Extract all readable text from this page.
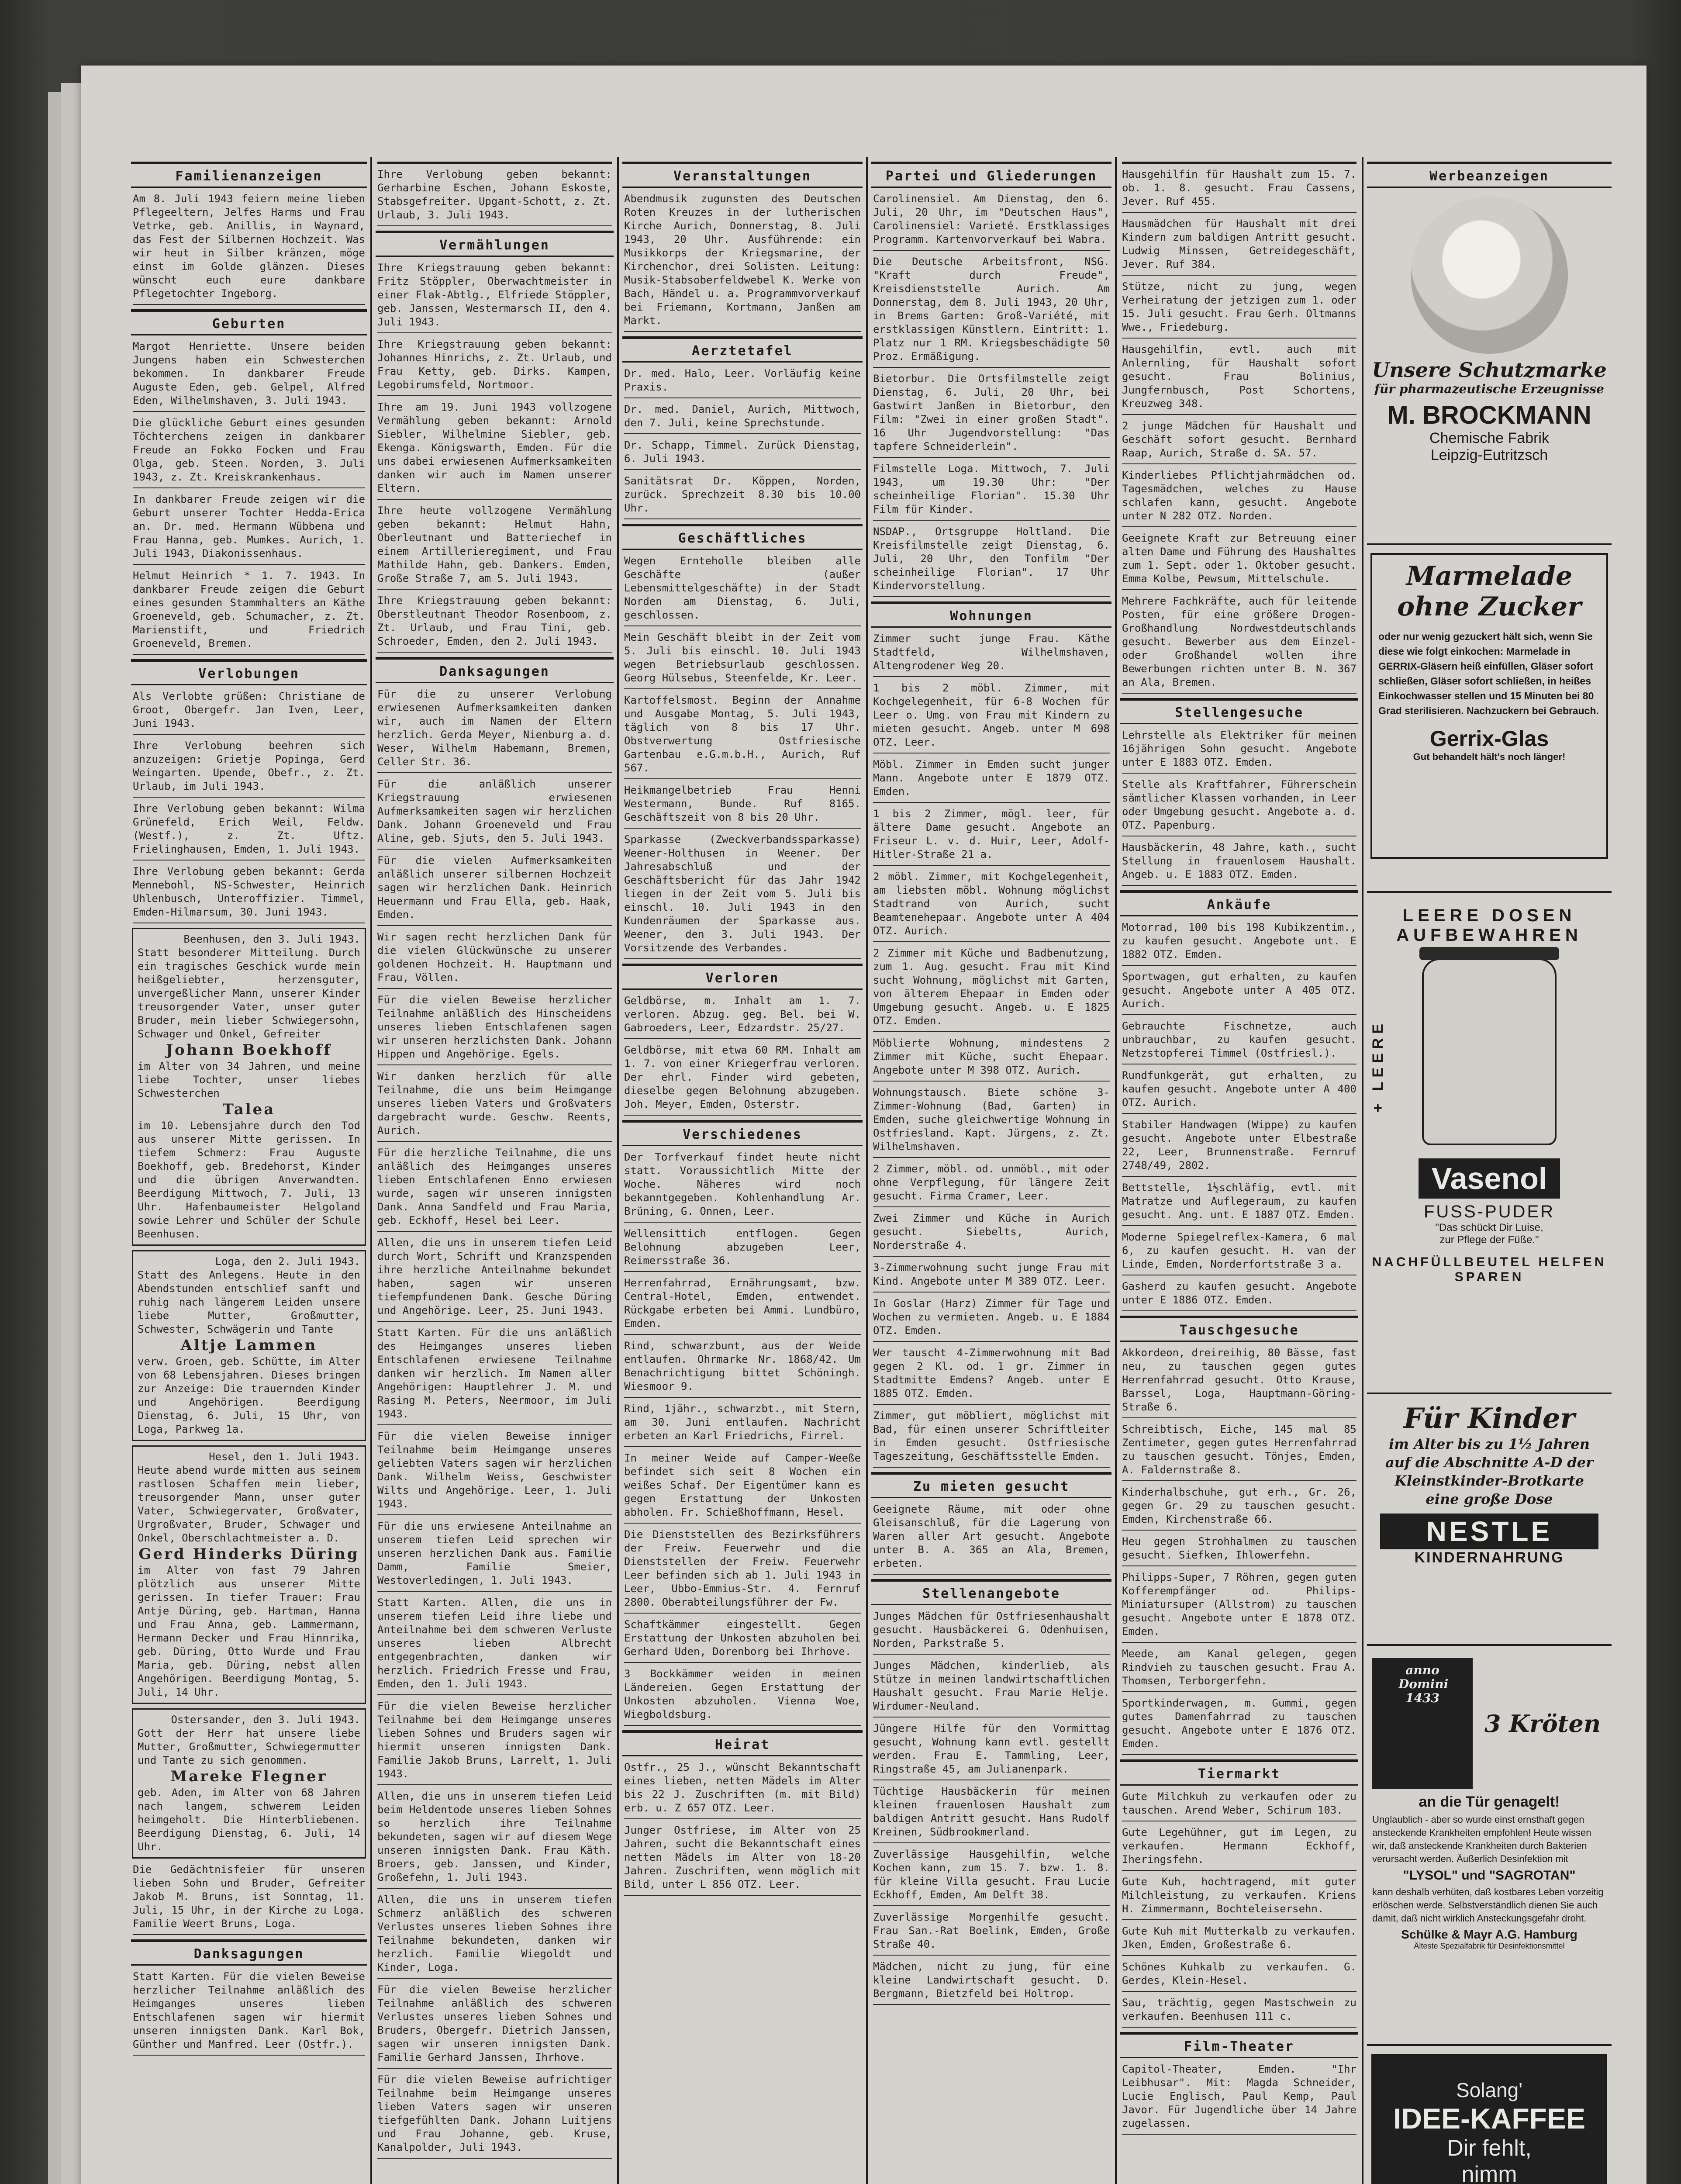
Familienanzeigen
Am 8. Juli 1943 feiern meine lieben Pflegeeltern, Jelfes Harms und Frau Vetrke, geb. Anillis, in Waynard, das Fest der Silbernen Hochzeit. Was wir heut in Silber kränzen, möge einst im Golde glänzen. Dieses wünscht euch eure dankbare Pflegetochter Ingeborg.
Geburten
Margot Henriette. Unsere beiden Jungens haben ein Schwesterchen bekommen. In dankbarer Freude Auguste Eden, geb. Gelpel, Alfred Eden, Wilhelmshaven, 3. Juli 1943.
Die glückliche Geburt eines gesunden Töchterchens zeigen in dankbarer Freude an Fokko Focken und Frau Olga, geb. Steen. Norden, 3. Juli 1943, z. Zt. Kreiskrankenhaus.
In dankbarer Freude zeigen wir die Geburt unserer Tochter Hedda-Erica an. Dr. med. Hermann Wübbena und Frau Hanna, geb. Mumkes. Aurich, 1. Juli 1943, Diakonissenhaus.
Helmut Heinrich * 1. 7. 1943. In dankbarer Freude zeigen die Geburt eines gesunden Stammhalters an Käthe Groeneveld, geb. Schumacher, z. Zt. Marienstift, und Friedrich Groeneveld, Bremen.
Verlobungen
Als Verlobte grüßen: Christiane de Groot, Obergefr. Jan Iven, Leer, Juni 1943.
Ihre Verlobung beehren sich anzuzeigen: Grietje Popinga, Gerd Weingarten. Upende, Obefr., z. Zt. Urlaub, im Juli 1943.
Ihre Verlobung geben bekannt: Wilma Grünefeld, Erich Weil, Feldw. (Westf.), z. Zt. Uftz. Frielinghausen, Emden, 1. Juli 1943.
Ihre Verlobung geben bekannt: Gerda Mennebohl, NS-Schwester, Heinrich Uhlenbusch, Unteroffizier. Timmel, Emden-Hilmarsum, 30. Juni 1943.
Beenhusen, den 3. Juli 1943.
Statt besonderer Mitteilung. Durch ein tragisches Geschick wurde mein heißgeliebter, herzensguter, unvergeßlicher Mann, unserer Kinder treusorgender Vater, unser guter Bruder, mein lieber Schwiegersohn, Schwager und Onkel, Gefreiter
Johann Boekhoff
im Alter von 34 Jahren, und meine liebe Tochter, unser liebes Schwesterchen
Talea
im 10. Lebensjahre durch den Tod aus unserer Mitte gerissen. In tiefem Schmerz: Frau Auguste Boekhoff, geb. Bredehorst, Kinder und die übrigen Anverwandten. Beerdigung Mittwoch, 7. Juli, 13 Uhr. Hafenbaumeister Helgoland sowie Lehrer und Schüler der Schule Beenhusen.
Loga, den 2. Juli 1943.
Statt des Anlegens. Heute in den Abendstunden entschlief sanft und ruhig nach längerem Leiden unsere liebe Mutter, Großmutter, Schwester, Schwägerin und Tante
Altje Lammen
verw. Groen, geb. Schütte, im Alter von 68 Lebensjahren. Dieses bringen zur Anzeige: Die trauernden Kinder und Angehörigen. Beerdigung Dienstag, 6. Juli, 15 Uhr, von Loga, Parkweg 1a.
Hesel, den 1. Juli 1943.
Heute abend wurde mitten aus seinem rastlosen Schaffen mein lieber, treusorgender Mann, unser guter Vater, Schwiegervater, Großvater, Urgroßvater, Bruder, Schwager und Onkel, Oberschlachtmeister a. D.
Gerd Hinderks Düring
im Alter von fast 79 Jahren plötzlich aus unserer Mitte gerissen. In tiefer Trauer: Frau Antje Düring, geb. Hartman, Hanna und Frau Anna, geb. Lammermann, Hermann Decker und Frau Hinnrika, geb. Düring, Otto Wurde und Frau Maria, geb. Düring, nebst allen Angehörigen. Beerdigung Montag, 5. Juli, 14 Uhr.
Ostersander, den 3. Juli 1943.
Gott der Herr hat unsere liebe Mutter, Großmutter, Schwiegermutter und Tante zu sich genommen.
Mareke Flegner
geb. Aden, im Alter von 68 Jahren nach langem, schwerem Leiden heimgeholt. Die Hinterbliebenen. Beerdigung Dienstag, 6. Juli, 14 Uhr.
Die Gedächtnisfeier für unseren lieben Sohn und Bruder, Gefreiter Jakob M. Bruns, ist Sonntag, 11. Juli, 15 Uhr, in der Kirche zu Loga. Familie Weert Bruns, Loga.
Danksagungen
Statt Karten. Für die vielen Beweise herzlicher Teilnahme anläßlich des Heimganges unseres lieben Entschlafenen sagen wir hiermit unseren innigsten Dank. Karl Bok, Günther und Manfred. Leer (Ostfr.).
Ihre Verlobung geben bekannt: Gerharbine Eschen, Johann Eskoste, Stabsgefreiter. Upgant-Schott, z. Zt. Urlaub, 3. Juli 1943.
Vermählungen
Ihre Kriegstrauung geben bekannt: Fritz Stöppler, Oberwachtmeister in einer Flak-Abtlg., Elfriede Stöppler, geb. Janssen, Westermarsch II, den 4. Juli 1943.
Ihre Kriegstrauung geben bekannt: Johannes Hinrichs, z. Zt. Urlaub, und Frau Ketty, geb. Dirks. Kampen, Legobirumsfeld, Nortmoor.
Ihre am 19. Juni 1943 vollzogene Vermählung geben bekannt: Arnold Siebler, Wilhelmine Siebler, geb. Ekenga. Königswarth, Emden. Für die uns dabei erwiesenen Aufmerksamkeiten danken wir auch im Namen unserer Eltern.
Ihre heute vollzogene Vermählung geben bekannt: Helmut Hahn, Oberleutnant und Batteriechef in einem Artillerieregiment, und Frau Mathilde Hahn, geb. Dankers. Emden, Große Straße 7, am 5. Juli 1943.
Ihre Kriegstrauung geben bekannt: Oberstleutnant Theodor Rosenboom, z. Zt. Urlaub, und Frau Tini, geb. Schroeder, Emden, den 2. Juli 1943.
Danksagungen
Für die zu unserer Verlobung erwiesenen Aufmerksamkeiten danken wir, auch im Namen der Eltern herzlich. Gerda Meyer, Nienburg a. d. Weser, Wilhelm Habemann, Bremen, Celler Str. 36.
Für die anläßlich unserer Kriegstrauung erwiesenen Aufmerksamkeiten sagen wir herzlichen Dank. Johann Groeneveld und Frau Aline, geb. Sjuts, den 5. Juli 1943.
Für die vielen Aufmerksamkeiten anläßlich unserer silbernen Hochzeit sagen wir herzlichen Dank. Heinrich Heuermann und Frau Ella, geb. Haak, Emden.
Wir sagen recht herzlichen Dank für die vielen Glückwünsche zu unserer goldenen Hochzeit. H. Hauptmann und Frau, Völlen.
Für die vielen Beweise herzlicher Teilnahme anläßlich des Hinscheidens unseres lieben Entschlafenen sagen wir unseren herzlichsten Dank. Johann Hippen und Angehörige. Egels.
Wir danken herzlich für alle Teilnahme, die uns beim Heimgange unseres lieben Vaters und Großvaters dargebracht wurde. Geschw. Reents, Aurich.
Für die herzliche Teilnahme, die uns anläßlich des Heimganges unseres lieben Entschlafenen Enno erwiesen wurde, sagen wir unseren innigsten Dank. Anna Sandfeld und Frau Maria, geb. Eckhoff, Hesel bei Leer.
Allen, die uns in unserem tiefen Leid durch Wort, Schrift und Kranzspenden ihre herzliche Anteilnahme bekundet haben, sagen wir unseren tiefempfundenen Dank. Gesche Düring und Angehörige. Leer, 25. Juni 1943.
Statt Karten. Für die uns anläßlich des Heimganges unseres lieben Entschlafenen erwiesene Teilnahme danken wir herzlich. Im Namen aller Angehörigen: Hauptlehrer J. M. und Rasing M. Peters, Neermoor, im Juli 1943.
Für die vielen Beweise inniger Teilnahme beim Heimgange unseres geliebten Vaters sagen wir herzlichen Dank. Wilhelm Weiss, Geschwister Wilts und Angehörige. Leer, 1. Juli 1943.
Für die uns erwiesene Anteilnahme an unserem tiefen Leid sprechen wir unseren herzlichen Dank aus. Familie Damm, Familie Smeier, Westoverledingen, 1. Juli 1943.
Statt Karten. Allen, die uns in unserem tiefen Leid ihre liebe und Anteilnahme bei dem schweren Verluste unseres lieben Albrecht entgegenbrachten, danken wir herzlich. Friedrich Fresse und Frau, Emden, den 1. Juli 1943.
Für die vielen Beweise herzlicher Teilnahme bei dem Heimgange unseres lieben Sohnes und Bruders sagen wir hiermit unseren innigsten Dank. Familie Jakob Bruns, Larrelt, 1. Juli 1943.
Allen, die uns in unserem tiefen Leid beim Heldentode unseres lieben Sohnes so herzlich ihre Teilnahme bekundeten, sagen wir auf diesem Wege unseren innigsten Dank. Frau Käth. Broers, geb. Janssen, und Kinder, Großefehn, 1. Juli 1943.
Allen, die uns in unserem tiefen Schmerz anläßlich des schweren Verlustes unseres lieben Sohnes ihre Teilnahme bekundeten, danken wir herzlich. Familie Wiegoldt und Kinder, Loga.
Für die vielen Beweise herzlicher Teilnahme anläßlich des schweren Verlustes unseres lieben Sohnes und Bruders, Obergefr. Dietrich Janssen, sagen wir unseren innigsten Dank. Familie Gerhard Janssen, Ihrhove.
Für die vielen Beweise aufrichtiger Teilnahme beim Heimgange unseres lieben Vaters sagen wir unseren tiefgefühlten Dank. Johann Luitjens und Frau Johanne, geb. Kruse, Kanalpolder, Juli 1943.
Veranstaltungen
Abendmusik zugunsten des Deutschen Roten Kreuzes in der lutherischen Kirche Aurich, Donnerstag, 8. Juli 1943, 20 Uhr. Ausführende: ein Musikkorps der Kriegsmarine, der Kirchenchor, drei Solisten. Leitung: Musik-Stabsoberfeldwebel K. Werke von Bach, Händel u. a. Programmvorverkauf bei Friemann, Kortmann, Janßen am Markt.
Aerztetafel
Dr. med. Halo, Leer. Vorläufig keine Praxis.
Dr. med. Daniel, Aurich, Mittwoch, den 7. Juli, keine Sprechstunde.
Dr. Schapp, Timmel. Zurück Dienstag, 6. Juli 1943.
Sanitätsrat Dr. Köppen, Norden, zurück. Sprechzeit 8.30 bis 10.00 Uhr.
Geschäftliches
Wegen Ernteholle bleiben alle Geschäfte (außer Lebensmittelgeschäfte) in der Stadt Norden am Dienstag, 6. Juli, geschlossen.
Mein Geschäft bleibt in der Zeit vom 5. Juli bis einschl. 10. Juli 1943 wegen Betriebsurlaub geschlossen. Georg Hülsebus, Steenfelde, Kr. Leer.
Kartoffelsmost. Beginn der Annahme und Ausgabe Montag, 5. Juli 1943, täglich von 8 bis 17 Uhr. Obstverwertung Ostfriesische Gartenbau e.G.m.b.H., Aurich, Ruf 567.
Heikmangelbetrieb Frau Henni Westermann, Bunde. Ruf 8165. Geschäftszeit von 8 bis 20 Uhr.
Sparkasse (Zweckverbandssparkasse) Weener-Holthusen in Weener. Der Jahresabschluß und der Geschäftsbericht für das Jahr 1942 liegen in der Zeit vom 5. Juli bis einschl. 10. Juli 1943 in den Kundenräumen der Sparkasse aus. Weener, den 3. Juli 1943. Der Vorsitzende des Verbandes.
Verloren
Geldbörse, m. Inhalt am 1. 7. verloren. Abzug. geg. Bel. bei W. Gabroeders, Leer, Edzardstr. 25/27.
Geldbörse, mit etwa 60 RM. Inhalt am 1. 7. von einer Kriegerfrau verloren. Der ehrl. Finder wird gebeten, dieselbe gegen Belohnung abzugeben. Joh. Meyer, Emden, Osterstr.
Verschiedenes
Der Torfverkauf findet heute nicht statt. Voraussichtlich Mitte der Woche. Näheres wird noch bekanntgegeben. Kohlenhandlung Ar. Brüning, G. Onnen, Leer.
Wellensittich entflogen. Gegen Belohnung abzugeben Leer, Reimersstraße 36.
Herrenfahrrad, Ernährungsamt, bzw. Central-Hotel, Emden, entwendet. Rückgabe erbeten bei Ammi. Lundbüro, Emden.
Rind, schwarzbunt, aus der Weide entlaufen. Ohrmarke Nr. 1868/42. Um Benachrichtigung bittet Schöningh. Wiesmoor 9.
Rind, 1jähr., schwarzbt., mit Stern, am 30. Juni entlaufen. Nachricht erbeten an Karl Friedrichs, Firrel.
In meiner Weide auf Camper-Weeße befindet sich seit 8 Wochen ein weißes Schaf. Der Eigentümer kann es gegen Erstattung der Unkosten abholen. Fr. Schießhoffmann, Hesel.
Die Dienststellen des Bezirksführers der Freiw. Feuerwehr und die Dienststellen der Freiw. Feuerwehr Leer befinden sich ab 1. Juli 1943 in Leer, Ubbo-Emmius-Str. 4. Fernruf 2800. Oberabteilungsführer der Fw.
Schaftkämmer eingestellt. Gegen Erstattung der Unkosten abzuholen bei Gerhard Uden, Dorenborg bei Ihrhove.
3 Bockkämmer weiden in meinen Ländereien. Gegen Erstattung der Unkosten abzuholen. Vienna Woe, Wiegboldsburg.
Heirat
Ostfr., 25 J., wünscht Bekanntschaft eines lieben, netten Mädels im Alter bis 22 J. Zuschriften (m. mit Bild) erb. u. Z 657 OTZ. Leer.
Junger Ostfriese, im Alter von 25 Jahren, sucht die Bekanntschaft eines netten Mädels im Alter von 18-20 Jahren. Zuschriften, wenn möglich mit Bild, unter L 856 OTZ. Leer.
Partei und Gliederungen
Carolinensiel. Am Dienstag, den 6. Juli, 20 Uhr, im "Deutschen Haus", Carolinensiel: Varieté. Erstklassiges Programm. Kartenvorverkauf bei Wabra.
Die Deutsche Arbeitsfront, NSG. "Kraft durch Freude", Kreisdienststelle Aurich. Am Donnerstag, dem 8. Juli 1943, 20 Uhr, in Brems Garten: Groß-Variété, mit erstklassigen Künstlern. Eintritt: 1. Platz nur 1 RM. Kriegsbeschädigte 50 Proz. Ermäßigung.
Bietorbur. Die Ortsfilmstelle zeigt Dienstag, 6. Juli, 20 Uhr, bei Gastwirt Janßen in Bietorbur, den Film: "Zwei in einer großen Stadt". 16 Uhr Jugendvorstellung: "Das tapfere Schneiderlein".
Filmstelle Loga. Mittwoch, 7. Juli 1943, um 19.30 Uhr: "Der scheinheilige Florian". 15.30 Uhr Film für Kinder.
NSDAP., Ortsgruppe Holtland. Die Kreisfilmstelle zeigt Dienstag, 6. Juli, 20 Uhr, den Tonfilm "Der scheinheilige Florian". 17 Uhr Kindervorstellung.
Wohnungen
Zimmer sucht junge Frau. Käthe Stadtfeld, Wilhelmshaven, Altengrodener Weg 20.
1 bis 2 möbl. Zimmer, mit Kochgelegenheit, für 6-8 Wochen für Leer o. Umg. von Frau mit Kindern zu mieten gesucht. Angeb. unter M 698 OTZ. Leer.
Möbl. Zimmer in Emden sucht junger Mann. Angebote unter E 1879 OTZ. Emden.
1 bis 2 Zimmer, mögl. leer, für ältere Dame gesucht. Angebote an Friseur L. v. d. Huir, Leer, Adolf-Hitler-Straße 21 a.
2 möbl. Zimmer, mit Kochgelegenheit, am liebsten möbl. Wohnung möglichst Stadtrand von Aurich, sucht Beamtenehepaar. Angebote unter A 404 OTZ. Aurich.
2 Zimmer mit Küche und Badbenutzung, zum 1. Aug. gesucht. Frau mit Kind sucht Wohnung, möglichst mit Garten, von älterem Ehepaar in Emden oder Umgebung gesucht. Angeb. u. E 1825 OTZ. Emden.
Möblierte Wohnung, mindestens 2 Zimmer mit Küche, sucht Ehepaar. Angebote unter M 398 OTZ. Aurich.
Wohnungstausch. Biete schöne 3-Zimmer-Wohnung (Bad, Garten) in Emden, suche gleichwertige Wohnung in Ostfriesland. Kapt. Jürgens, z. Zt. Wilhelmshaven.
2 Zimmer, möbl. od. unmöbl., mit oder ohne Verpflegung, für längere Zeit gesucht. Firma Cramer, Leer.
Zwei Zimmer und Küche in Aurich gesucht. Siebelts, Aurich, Norderstraße 4.
3-Zimmerwohnung sucht junge Frau mit Kind. Angebote unter M 389 OTZ. Leer.
In Goslar (Harz) Zimmer für Tage und Wochen zu vermieten. Angeb. u. E 1884 OTZ. Emden.
Wer tauscht 4-Zimmerwohnung mit Bad gegen 2 Kl. od. 1 gr. Zimmer in Stadtmitte Emdens? Angeb. unter E 1885 OTZ. Emden.
Zimmer, gut möbliert, möglichst mit Bad, für einen unserer Schriftleiter in Emden gesucht. Ostfriesische Tageszeitung, Geschäftsstelle Emden.
Zu mieten gesucht
Geeignete Räume, mit oder ohne Gleisanschluß, für die Lagerung von Waren aller Art gesucht. Angebote unter B. A. 365 an Ala, Bremen, erbeten.
Stellenangebote
Junges Mädchen für Ostfriesenhaushalt gesucht. Hausbäckerei G. Odenhuisen, Norden, Parkstraße 5.
Junges Mädchen, kinderlieb, als Stütze in meinen landwirtschaftlichen Haushalt gesucht. Frau Marie Helje. Wirdumer-Neuland.
Jüngere Hilfe für den Vormittag gesucht, Wohnung kann evtl. gestellt werden. Frau E. Tammling, Leer, Ringstraße 45, am Julianenpark.
Tüchtige Hausbäckerin für meinen kleinen frauenlosen Haushalt zum baldigen Antritt gesucht. Hans Rudolf Kreinen, Südbrookmerland.
Zuverlässige Hausgehilfin, welche Kochen kann, zum 15. 7. bzw. 1. 8. für kleine Villa gesucht. Frau Lucie Eckhoff, Emden, Am Delft 38.
Zuverlässige Morgenhilfe gesucht. Frau San.-Rat Boelink, Emden, Große Straße 40.
Mädchen, nicht zu jung, für eine kleine Landwirtschaft gesucht. D. Bergmann, Bietzfeld bei Holtrop.
Hausgehilfin für Haushalt zum 15. 7. ob. 1. 8. gesucht. Frau Cassens, Jever. Ruf 455.
Hausmädchen für Haushalt mit drei Kindern zum baldigen Antritt gesucht. Ludwig Minssen, Getreidegeschäft, Jever. Ruf 384.
Stütze, nicht zu jung, wegen Verheiratung der jetzigen zum 1. oder 15. Juli gesucht. Frau Gerh. Oltmanns Wwe., Friedeburg.
Hausgehilfin, evtl. auch mit Anlernling, für Haushalt sofort gesucht. Frau Bolinius, Jungfernbusch, Post Schortens, Kreuzweg 348.
2 junge Mädchen für Haushalt und Geschäft sofort gesucht. Bernhard Raap, Aurich, Straße d. SA. 57.
Kinderliebes Pflichtjahrmädchen od. Tagesmädchen, welches zu Hause schlafen kann, gesucht. Angebote unter N 282 OTZ. Norden.
Geeignete Kraft zur Betreuung einer alten Dame und Führung des Haushaltes zum 1. Sept. oder 1. Oktober gesucht. Emma Kolbe, Pewsum, Mittelschule.
Mehrere Fachkräfte, auch für leitende Posten, für eine größere Drogen-Großhandlung Nordwestdeutschlands gesucht. Bewerber aus dem Einzel- oder Großhandel wollen ihre Bewerbungen richten unter B. N. 367 an Ala, Bremen.
Stellengesuche
Lehrstelle als Elektriker für meinen 16jährigen Sohn gesucht. Angebote unter E 1883 OTZ. Emden.
Stelle als Kraftfahrer, Führerschein sämtlicher Klassen vorhanden, in Leer oder Umgebung gesucht. Angebote a. d. OTZ. Papenburg.
Hausbäckerin, 48 Jahre, kath., sucht Stellung in frauenlosem Haushalt. Angeb. u. E 1883 OTZ. Emden.
Ankäufe
Motorrad, 100 bis 198 Kubikzentim., zu kaufen gesucht. Angebote unt. E 1882 OTZ. Emden.
Sportwagen, gut erhalten, zu kaufen gesucht. Angebote unter A 405 OTZ. Aurich.
Gebrauchte Fischnetze, auch unbrauchbar, zu kaufen gesucht. Netzstopferei Timmel (Ostfriesl.).
Rundfunkgerät, gut erhalten, zu kaufen gesucht. Angebote unter A 400 OTZ. Aurich.
Stabiler Handwagen (Wippe) zu kaufen gesucht. Angebote unter Elbestraße 22, Leer, Brunnenstraße. Fernruf 2748/49, 2802.
Bettstelle, 1½schläfig, evtl. mit Matratze und Auflegeraum, zu kaufen gesucht. Ang. unt. E 1887 OTZ. Emden.
Moderne Spiegelreflex-Kamera, 6 mal 6, zu kaufen gesucht. H. van der Linde, Emden, Norderfortstraße 3 a.
Gasherd zu kaufen gesucht. Angebote unter E 1886 OTZ. Emden.
Tauschgesuche
Akkordeon, dreireihig, 80 Bässe, fast neu, zu tauschen gegen gutes Herrenfahrrad gesucht. Otto Krause, Barssel, Loga, Hauptmann-Göring-Straße 6.
Schreibtisch, Eiche, 145 mal 85 Zentimeter, gegen gutes Herrenfahrrad zu tauschen gesucht. Tönjes, Emden, A. Faldernstraße 8.
Kinderhalbschuhe, gut erh., Gr. 26, gegen Gr. 29 zu tauschen gesucht. Emden, Kirchenstraße 66.
Heu gegen Strohhalmen zu tauschen gesucht. Siefken, Ihlowerfehn.
Philipps-Super, 7 Röhren, gegen guten Kofferempfänger od. Philips-Miniatursuper (Allstrom) zu tauschen gesucht. Angebote unter E 1878 OTZ. Emden.
Meede, am Kanal gelegen, gegen Rindvieh zu tauschen gesucht. Frau A. Thomsen, Terborgerfehn.
Sportkinderwagen, m. Gummi, gegen gutes Damenfahrrad zu tauschen gesucht. Angebote unter E 1876 OTZ. Emden.
Tiermarkt
Gute Milchkuh zu verkaufen oder zu tauschen. Arend Weber, Schirum 103.
Gute Legehühner, gut im Legen, zu verkaufen. Hermann Eckhoff, Iheringsfehn.
Gute Kuh, hochtragend, mit guter Milchleistung, zu verkaufen. Kriens H. Zimmermann, Bochteleisersehn.
Gute Kuh mit Mutterkalb zu verkaufen. Jken, Emden, Großestraße 6.
Schönes Kuhkalb zu verkaufen. G. Gerdes, Klein-Hesel.
Sau, trächtig, gegen Mastschwein zu verkaufen. Beenhusen 111 c.
Film-Theater
Capitol-Theater, Emden. "Ihr Leibhusar". Mit: Magda Schneider, Lucie Englisch, Paul Kemp, Paul Javor. Für Jugendliche über 14 Jahre zugelassen.
Werbeanzeigen
Unsere Schutzmarke
für pharmazeutische Erzeugnisse
M. BROCKMANN
Chemische Fabrik
Leipzig-Eutritzsch
Marmelade
ohne Zucker
oder nur wenig gezuckert hält sich, wenn Sie diese wie folgt einkochen: Marmelade in GERRIX-Gläsern heiß einfüllen, Gläser sofort schließen, Gläser sofort schließen, in heißes Einkochwasser stellen und 15 Minuten bei 80 Grad sterilisieren. Nachzuckern bei Gebrauch.
Gerrix-Glas
Gut behandelt hält's noch länger!
LEERE DOSEN AUFBEWAHREN
+ LEERE
Vasenol
FUSS-PUDER
"Das schückt Dir Luise,
zur Pflege der Füße."
NACHFÜLLBEUTEL HELFEN SPAREN
Für Kinder
im Alter bis zu 1½ Jahren auf die Abschnitte A-D der Kleinstkinder-Brotkarte eine große Dose
NESTLE
KINDERNAHRUNG
anno Domini 1433
3 Kröten
an die Tür genagelt!
Unglaublich - aber so wurde einst ernsthaft gegen ansteckende Krankheiten empfohlen! Heute wissen wir, daß ansteckende Krankheiten durch Bakterien verursacht werden. Äußerlich Desinfektion mit
"LYSOL" und "SAGROTAN"
kann deshalb verhüten, daß kostbares Leben vorzeitig erlöschen werde. Selbstverständlich dienen Sie auch damit, daß nicht wirklich Ansteckungsgefahr droht.
Schülke & Mayr A.G. Hamburg
Älteste Spezialfabrik für Desinfektionsmittel
Solang'
IDEE-KAFFEE
Dir fehlt,
nimm
